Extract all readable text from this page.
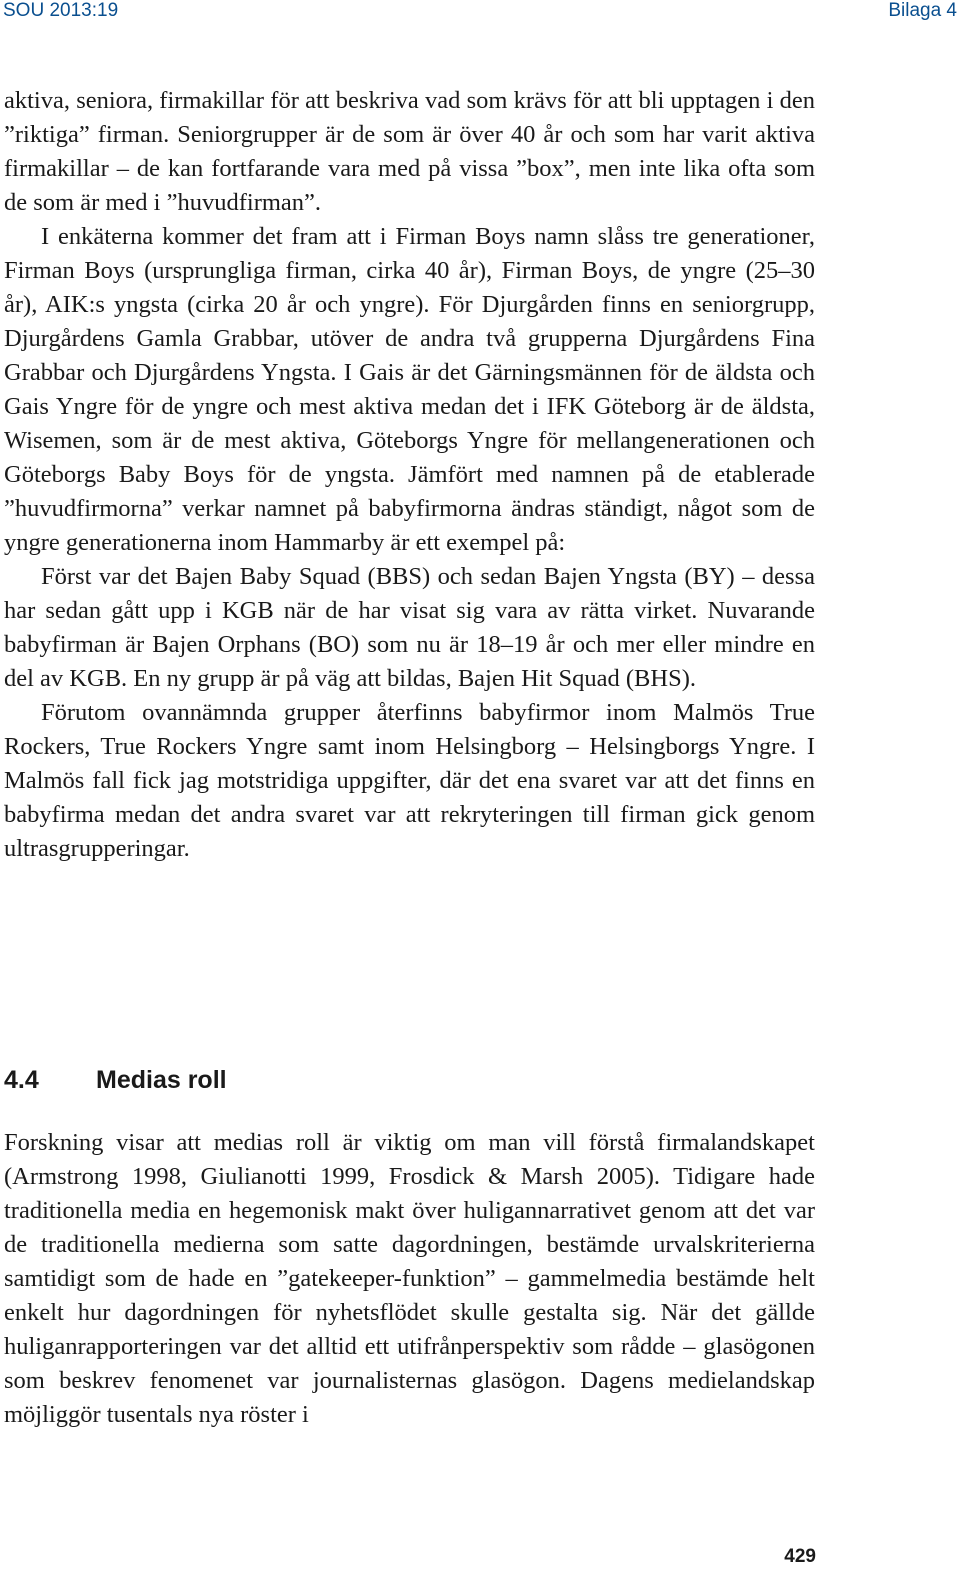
SOU 2013:19	Bilaga 4

aktiva, seniora, firmakillar för att beskriva vad som krävs för att bli upptagen i den ”riktiga” firman. Seniorgrupper är de som är över 40 år och som har varit aktiva firmakillar – de kan fortfarande vara med på vissa ”box”, men inte lika ofta som de som är med i ”huvudfirman”.

I enkäterna kommer det fram att i Firman Boys namn slåss tre generationer, Firman Boys (ursprungliga firman, cirka 40 år), Firman Boys, de yngre (25–30 år), AIK:s yngsta (cirka 20 år och yngre). För Djurgården finns en seniorgrupp, Djurgårdens Gamla Grabbar, utöver de andra två grupperna Djurgårdens Fina Grabbar och Djurgårdens Yngsta. I Gais är det Gärningsmännen för de äldsta och Gais Yngre för de yngre och mest aktiva medan det i IFK Göteborg är de äldsta, Wisemen, som är de mest aktiva, Göteborgs Yngre för mellangenerationen och Göteborgs Baby Boys för de yngsta. Jämfört med namnen på de etablerade ”huvudfirmorna” verkar namnet på babyfirmorna ändras ständigt, något som de yngre generationerna inom Hammarby är ett exempel på:

Först var det Bajen Baby Squad (BBS) och sedan Bajen Yngsta (BY) – dessa har sedan gått upp i KGB när de har visat sig vara av rätta virket. Nuvarande babyfirman är Bajen Orphans (BO) som nu är 18–19 år och mer eller mindre en del av KGB. En ny grupp är på väg att bildas, Bajen Hit Squad (BHS).

Förutom ovannämnda grupper återfinns babyfirmor inom Malmös True Rockers, True Rockers Yngre samt inom Helsingborg – Helsingborgs Yngre. I Malmös fall fick jag motstridiga uppgifter, där det ena svaret var att det finns en babyfirma medan det andra svaret var att rekryteringen till firman gick genom ultrasgrupperingar.

4.4 Medias roll

Forskning visar att medias roll är viktig om man vill förstå firmalandskapet (Armstrong 1998, Giulianotti 1999, Frosdick & Marsh 2005). Tidigare hade traditionella media en hegemonisk makt över huligannarrativet genom att det var de traditionella medierna som satte dagordningen, bestämde urvalskriterierna samtidigt som de hade en ”gatekeeper-funktion” – gammelmedia bestämde helt enkelt hur dagordningen för nyhetsflödet skulle gestalta sig. När det gällde huliganrapporteringen var det alltid ett utifrånperspektiv som rådde – glasögonen som beskrev fenomenet var journalisternas glasögon. Dagens medielandskap möjliggör tusentals nya röster i

429
